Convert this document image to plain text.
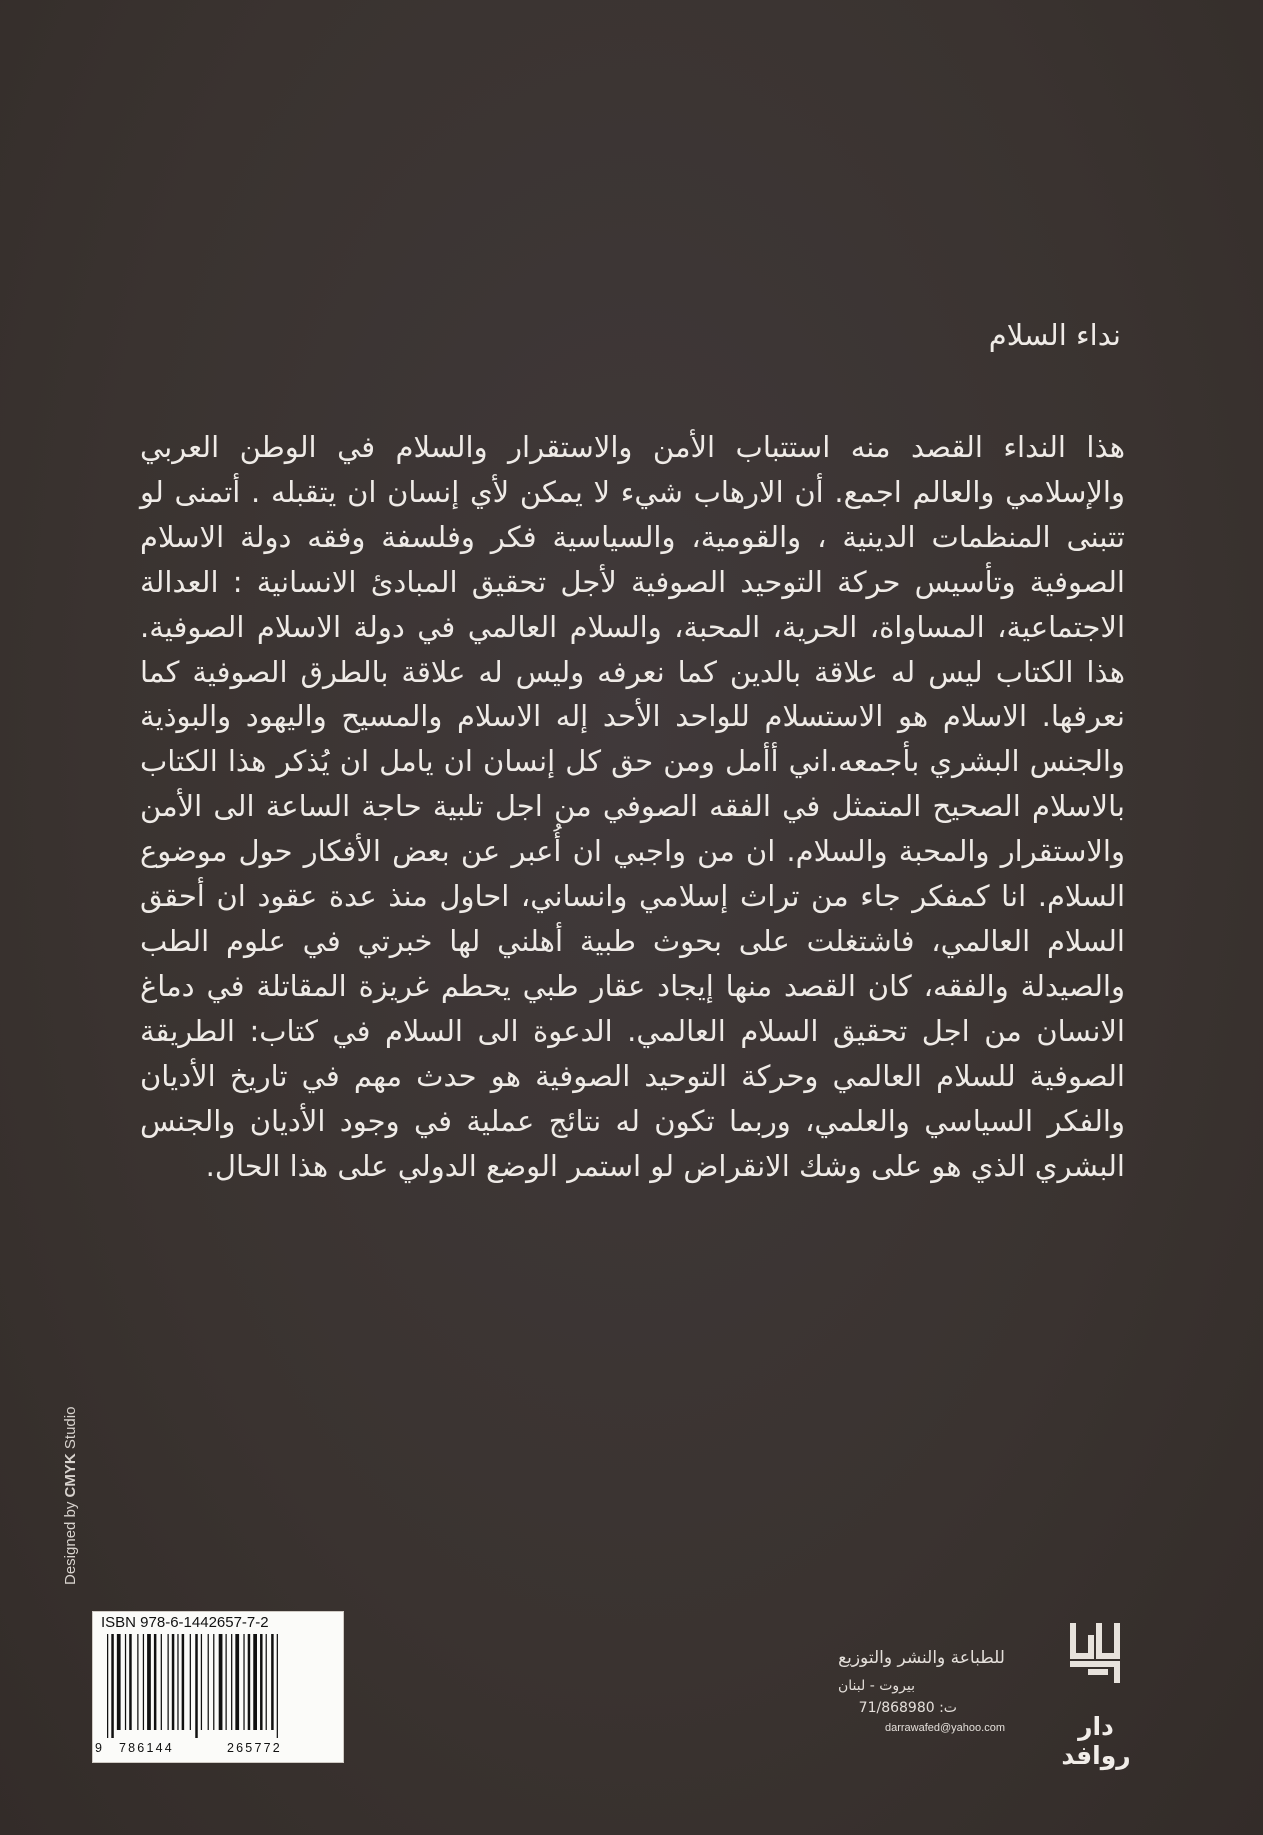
نداء السلام

هذا النداء القصد منه استتباب الأمن والاستقرار والسلام في الوطن العربي والإسلامي والعالم اجمع. أن الارهاب شيء لا يمكن لأي إنسان ان يتقبله . أتمنى لو تتبنى المنظمات الدينية ، والقومية، والسياسية فكر وفلسفة وفقه دولة الاسلام الصوفية وتأسيس حركة التوحيد الصوفية لأجل تحقيق المبادئ الانسانية : العدالة الاجتماعية، المساواة، الحرية، المحبة، والسلام العالمي في دولة الاسلام الصوفية. هذا الكتاب ليس له علاقة بالدين كما نعرفه وليس له علاقة بالطرق الصوفية كما نعرفها. الاسلام هو الاستسلام للواحد الأحد إله الاسلام والمسيح واليهود والبوذية والجنس البشري بأجمعه.اني أأمل ومن حق كل إنسان ان يامل ان يُذكر هذا الكتاب بالاسلام الصحيح المتمثل في الفقه الصوفي من اجل تلبية حاجة الساعة الى الأمن والاستقرار والمحبة والسلام. ان من واجبي ان أُعبر عن بعض الأفكار حول موضوع السلام. انا كمفكر جاء من تراث إسلامي وانساني، احاول منذ عدة عقود ان أحقق السلام العالمي، فاشتغلت على بحوث طبية أهلني لها خبرتي في علوم الطب والصيدلة والفقه، كان القصد منها إيجاد عقار طبي يحطم غريزة المقاتلة في دماغ الانسان من اجل تحقيق السلام العالمي. الدعوة الى السلام في كتاب: الطريقة الصوفية للسلام العالمي وحركة التوحيد الصوفية هو حدث مهم في تاريخ الأديان والفكر السياسي والعلمي، وربما تكون له نتائج عملية في وجود الأديان والجنس البشري الذي هو على وشك الانقراض لو استمر الوضع الدولي على هذا الحال.

Designed by CMYK Studio
ISBN 978-6-1442657-7-2
9 786144	265772
للطباعة والنشر والتوزيع
بيروت - لبنان
ت: 71/868980
darrawafed@yahoo.com	دار روافد
